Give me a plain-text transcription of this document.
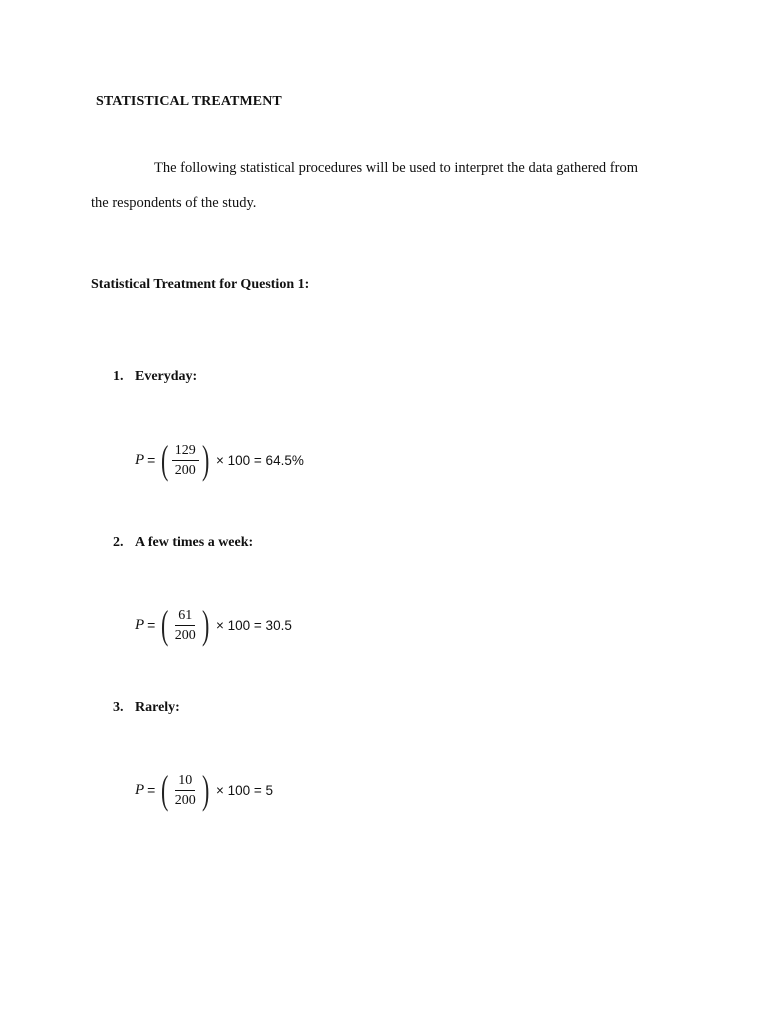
STATISTICAL TREATMENT
The following statistical procedures will be used to interpret the data gathered from
the respondents of the study.
Statistical Treatment for Question 1:
1. Everyday:
P = ( $\frac{129}{200}$ ) × 100 = 64.5%
2. A few times a week:
P = ( $\frac{61}{200}$ ) × 100 = 30.5
3. Rarely:
P = ( $\frac{10}{200}$ ) × 100 = 5
